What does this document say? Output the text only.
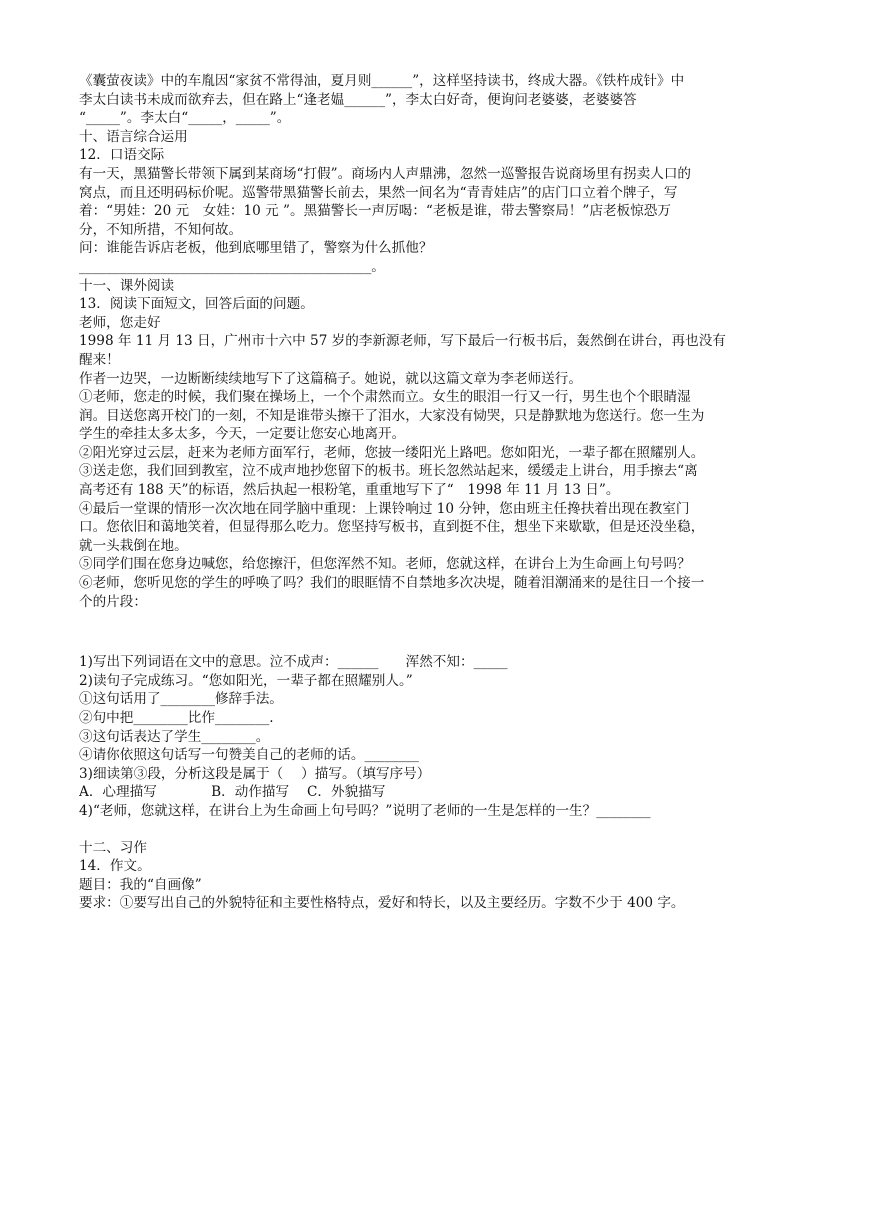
《囊萤夜读》中的车胤因“家贫不常得油，夏月则______”，这样坚持读书，终成大器。《铁杵成针》中

李太白读书未成而欲弃去，但在路上“逢老媪______”，李太白好奇，便询问老婆婆，老婆婆答

“_____”。李太白“_____，_____”。

十、语言综合运用

12．口语交际

有一天，黑猫警长带领下属到某商场“打假”。商场内人声鼎沸，忽然一巡警报告说商场里有拐卖人口的

窝点，而且还明码标价呢。巡警带黑猫警长前去，果然一间名为“青青娃店”的店门口立着个牌子，写

着：“男娃：20 元　女娃：10 元 ”。黑猫警长一声厉喝：“老板是谁，带去警察局！”店老板惊恐万

分，不知所措，不知何故。

问：谁能告诉店老板，他到底哪里错了，警察为什么抓他？

___________________________________________。

十一、课外阅读

13．阅读下面短文，回答后面的问题。

老师，您走好

1998 年 11 月 13 日，广州市十六中 57 岁的李新源老师，写下最后一行板书后，轰然倒在讲台，再也没有

醒来！

作者一边哭，一边断断续续地写下了这篇稿子。她说，就以这篇文章为李老师送行。

①老师，您走的时候，我们聚在操场上，一个个肃然而立。女生的眼泪一行又一行，男生也个个眼睛湿

润。目送您离开校门的一刻，不知是谁带头擦干了泪水，大家没有恸哭，只是静默地为您送行。您一生为

学生的牵挂太多太多，今天，一定要让您安心地离开。

②阳光穿过云层，赶来为老师方面军行，老师，您披一缕阳光上路吧。您如阳光，一辈子都在照耀别人。

③送走您，我们回到教室，泣不成声地抄您留下的板书。班长忽然站起来，缓缓走上讲台，用手擦去“离

高考还有 188 天”的标语，然后执起一根粉笔，重重地写下了“　1998 年 11 月 13 日”。

④最后一堂课的情形一次次地在同学脑中重现：上课铃响过 10 分钟，您由班主任搀扶着出现在教室门

口。您依旧和蔼地笑着，但显得那么吃力。您坚持写板书，直到挺不住，想坐下来歇歇，但是还没坐稳，

就一头栽倒在地。

⑤同学们围在您身边喊您，给您擦汗，但您浑然不知。老师，您就这样，在讲台上为生命画上句号吗？

⑥老师，您听见您的学生的呼唤了吗？我们的眼眶情不自禁地多次决堤，随着泪潮涌来的是往日一个接一

个的片段：

1)写出下列词语在文中的意思。泣不成声：______　　浑然不知：_____

2)读句子完成练习。“您如阳光，一辈子都在照耀别人。”

①这句话用了________修辞手法。

②句中把________比作________.

③这句话表达了学生________。

④请你依照这句话写一句赞美自己的老师的话。________

3)细读第③段，分析这段是属于（　 ）描写。（填写序号）

A．心理描写　　　　B．动作描写　 C．外貌描写

4)“老师，您就这样，在讲台上为生命画上句号吗？”说明了老师的一生是怎样的一生？________

十二、习作

14．作文。

题目：我的“自画像”

要求：①要写出自己的外貌特征和主要性格特点，爱好和特长，以及主要经历。字数不少于 400 字。
